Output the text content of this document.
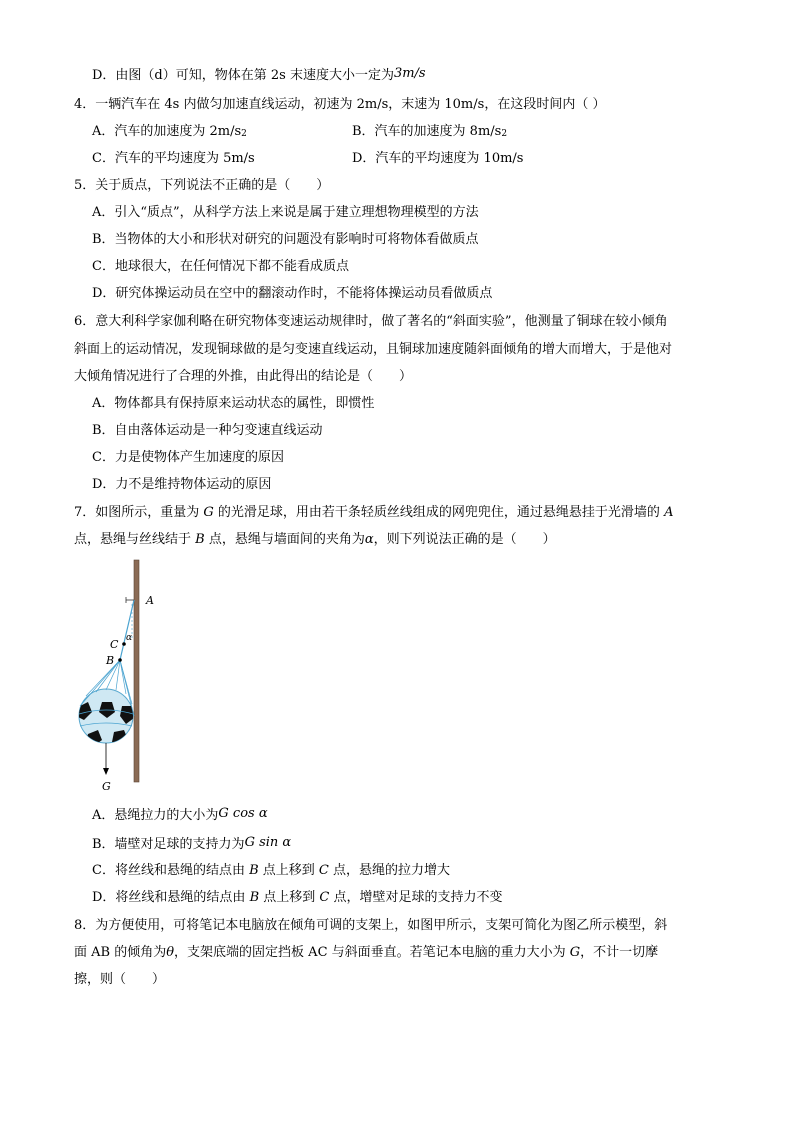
D．由图（d）可知，物体在第 2s 末速度大小一定为3m/s
4．一辆汽车在 4s 内做匀加速直线运动，初速为 2m/s，末速为 10m/s，在这段时间内（ ）
A．汽车的加速度为 2m/s2	B．汽车的加速度为 8m/s2
C．汽车的平均速度为 5m/s	D．汽车的平均速度为 10m/s
5．关于质点，下列说法不正确的是（　　）
A．引入“质点”，从科学方法上来说是属于建立理想物理模型的方法
B．当物体的大小和形状对研究的问题没有影响时可将物体看做质点
C．地球很大，在任何情况下都不能看成质点
D．研究体操运动员在空中的翻滚动作时，不能将体操运动员看做质点
6．意大利科学家伽利略在研究物体变速运动规律时，做了著名的“斜面实验”，他测量了铜球在较小倾角
斜面上的运动情况，发现铜球做的是匀变速直线运动，且铜球加速度随斜面倾角的增大而增大，于是他对
大倾角情况进行了合理的外推，由此得出的结论是（　　）
A．物体都具有保持原来运动状态的属性，即惯性
B．自由落体运动是一种匀变速直线运动
C．力是使物体产生加速度的原因
D．力不是维持物体运动的原因
7．如图所示，重量为 G 的光滑足球，用由若干条轻质丝线组成的网兜兜住，通过悬绳悬挂于光滑墙的 A
点，悬绳与丝线结于 B 点，悬绳与墙面间的夹角为α，则下列说法正确的是（　　）
A
C
B
α
G
A．悬绳拉力的大小为G cos α
B．墙壁对足球的支持力为G sin α
C．将丝线和悬绳的结点由 B 点上移到 C 点，悬绳的拉力增大
D．将丝线和悬绳的结点由 B 点上移到 C 点，增壁对足球的支持力不变
8．为方便使用，可将笔记本电脑放在倾角可调的支架上，如图甲所示，支架可简化为图乙所示模型，斜
面 AB 的倾角为θ，支架底端的固定挡板 AC 与斜面垂直。若笔记本电脑的重力大小为 G，不计一切摩
擦，则（　　）
